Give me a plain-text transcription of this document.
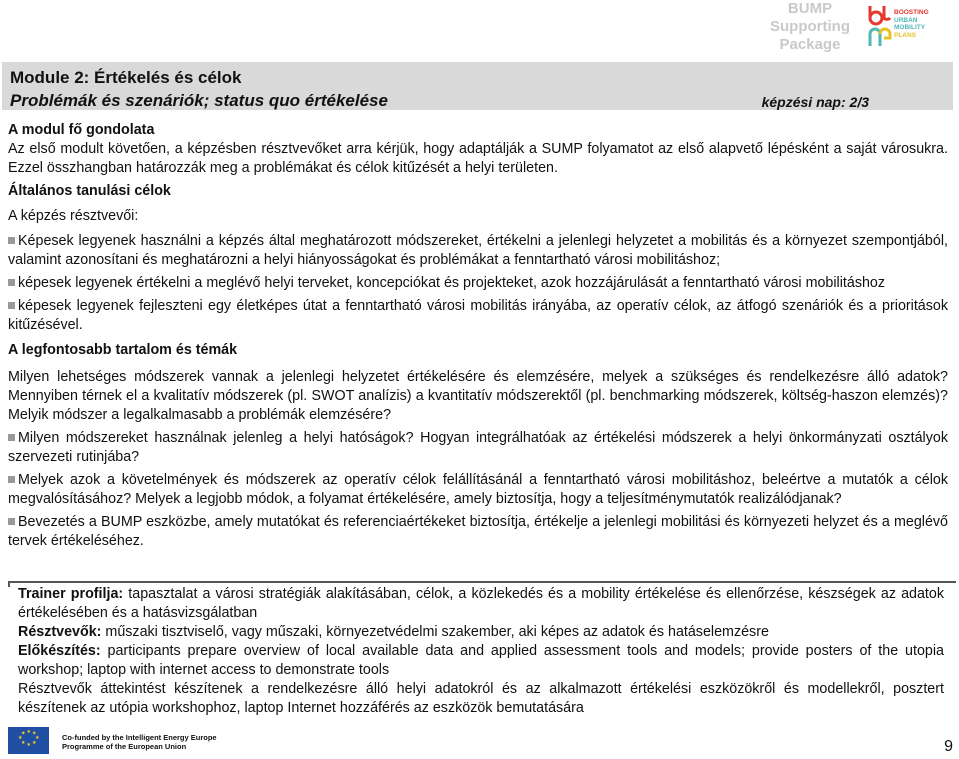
BUMP
Supporting
Package
BOOSTING
URBAN
MOBILITY
PLANS
Module 2: Értékelés és célok
Problémák és szenáriók; status quo értékelése	képzési nap: 2/3

A modul fő gondolata

Az első modult követően, a képzésben résztvevőket arra kérjük, hogy adaptálják a SUMP folyamatot az első alapvető lépésként a saját városukra. Ezzel összhangban határozzák meg a problémákat és célok kitűzését a helyi területen.

Általános tanulási célok

A képzés résztvevői:

Képesek legyenek használni a képzés által meghatározott módszereket, értékelni a jelenlegi helyzetet a mobilitás és a környezet szempontjából, valamint azonosítani és meghatározni a helyi hiányosságokat és problémákat a fenntartható városi mobilitáshoz;

képesek legyenek értékelni a meglévő helyi terveket, koncepciókat és projekteket, azok hozzájárulását a fenntartható városi mobilitáshoz

képesek legyenek fejleszteni egy életképes útat a fenntartható városi mobilitás irányába, az operatív célok, az átfogó szenáriók és a prioritások kitűzésével.

A legfontosabb tartalom és témák

Milyen lehetséges módszerek vannak a jelenlegi helyzetet értékelésére és elemzésére, melyek a szükséges és rendelkezésre álló adatok? Mennyiben térnek el a kvalitatív módszerek (pl. SWOT analízis) a kvantitatív módszerektől (pl. benchmarking módszerek, költség-haszon elemzés)? Melyik módszer a legalkalmasabb a problémák elemzésére?

Milyen módszereket használnak jelenleg a helyi hatóságok? Hogyan integrálhatóak az értékelési módszerek a helyi önkormányzati osztályok szervezeti rutinjába?

Melyek azok a követelmények és módszerek az operatív célok felállításánál a fenntartható városi mobilitáshoz, beleértve a mutatók a célok megvalósításához? Melyek a legjobb módok, a folyamat értékelésére, amely biztosítja, hogy a teljesítménymutatók realizálódjanak?

Bevezetés a BUMP eszközbe, amely mutatókat és referenciaértékeket biztosítja, értékelje a jelenlegi mobilitási és környezeti helyzet és a meglévő tervek értékeléséhez.

Trainer profilja: tapasztalat a városi stratégiák alakításában, célok, a közlekedés és a mobility értékelése és ellenőrzése, készségek az adatok értékelésében és a hatásvizsgálatban

Résztvevők: műszaki tisztviselő, vagy műszaki, környezetvédelmi szakember, aki képes az adatok és hatáselemzésre

Előkészítés: participants prepare overview of local available data and applied assessment tools and models; provide posters of the utopia workshop; laptop with internet access to demonstrate tools

Résztvevők áttekintést készítenek a rendelkezésre álló helyi adatokról és az alkalmazott értékelési eszközökről és modellekről, posztert készítenek az utópia workshophoz, laptop Internet hozzáférés az eszközök bemutatására

★ ★
★
★
★
★
★
★	Co-funded by the Intelligent Energy Europe
Programme of the European Union	9
